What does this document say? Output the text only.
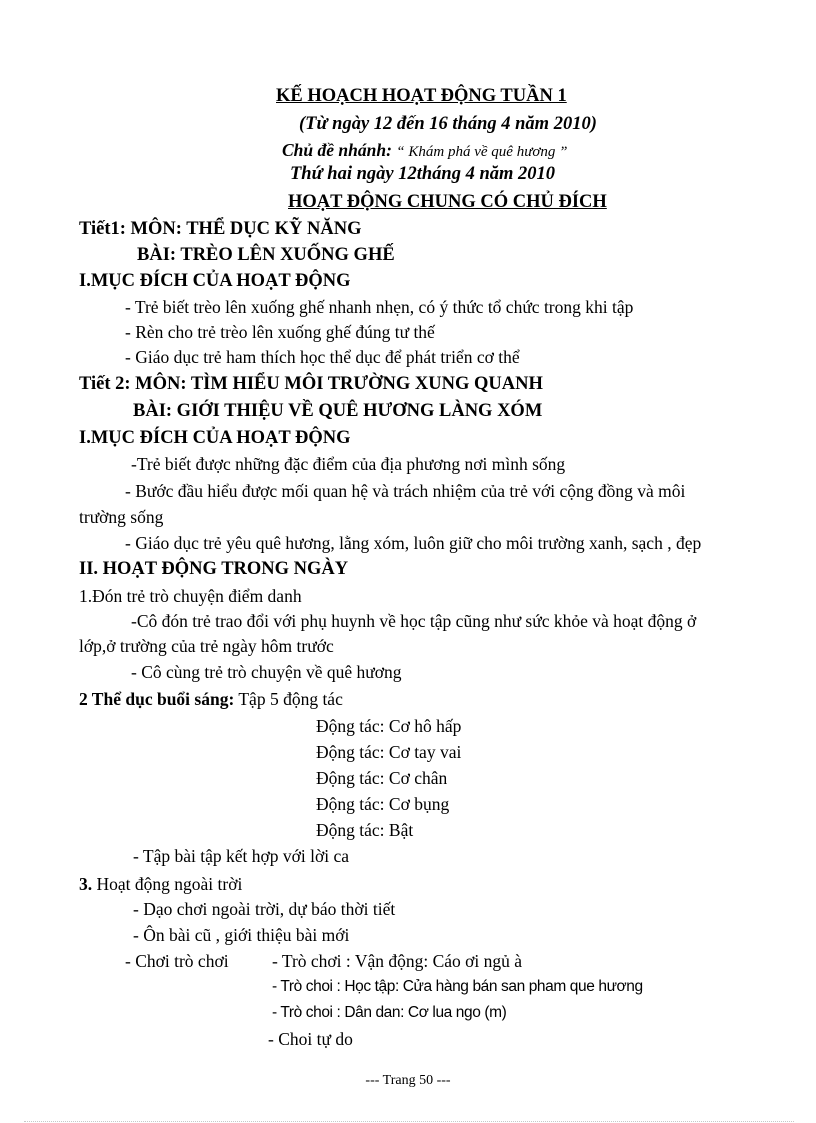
KẾ HOẠCH HOẠT ĐỘNG TUẦN 1
(Từ ngày 12 đến 16 tháng 4 năm 2010)
Chủ đề nhánh: “ Khám phá về quê hương ”
Thứ hai ngày 12tháng 4 năm 2010
HOẠT ĐỘNG CHUNG CÓ CHỦ ĐÍCH
Tiết1: MÔN: THỂ DỤC KỸ NĂNG
BÀI: TRÈO LÊN XUỐNG GHẾ
I.MỤC ĐÍCH CỦA HOẠT ĐỘNG
- Trẻ biết trèo lên xuống ghế nhanh nhẹn, có ý thức tổ chức trong khi tập
- Rèn cho trẻ trèo lên xuống ghế đúng tư thế
- Giáo dục trẻ ham thích học thể dục để phát triển cơ thể
Tiết 2: MÔN: TÌM HIỂU MÔI TRƯỜNG XUNG QUANH
BÀI: GIỚI THIỆU VỀ QUÊ HƯƠNG LÀNG XÓM
I.MỤC ĐÍCH CỦA HOẠT ĐỘNG
-Trẻ biết được những đặc điểm của địa phương nơi mình sống
- Bước đầu hiểu được mối quan hệ và trách nhiệm của trẻ với cộng đồng và môi
trường sống
- Giáo dục trẻ yêu quê hương, lằng xóm, luôn giữ cho môi trường xanh, sạch , đẹp
II. HOẠT ĐỘNG TRONG NGÀY
1.Đón trẻ trò chuyện điểm danh
-Cô đón trẻ trao đổi với phụ huynh về học tập cũng như sức khỏe và hoạt động ở
lớp,ở trường của trẻ ngày hôm trước
- Cô cùng trẻ trò chuyện về quê hương
2 Thể dục buổi sáng: Tập 5 động tác
Động tác: Cơ hô hấp
Động tác: Cơ tay vai
Động tác: Cơ chân
Động tác: Cơ bụng
Động tác: Bật
- Tập bài tập kết hợp với lời ca
3. Hoạt động ngoài trời
- Dạo chơi ngoài trời, dự báo thời tiết
- Ôn bài cũ , giới thiệu bài mới
- Chơi trò chơi - Trò chơi : Vận động: Cáo ơi ngủ à
- Trò choi : Học tập: Cửa hàng bán san pham que hương
- Trò choi : Dân dan: Cơ lua ngo (m)
- Choi tự do
--- Trang 50 ---
